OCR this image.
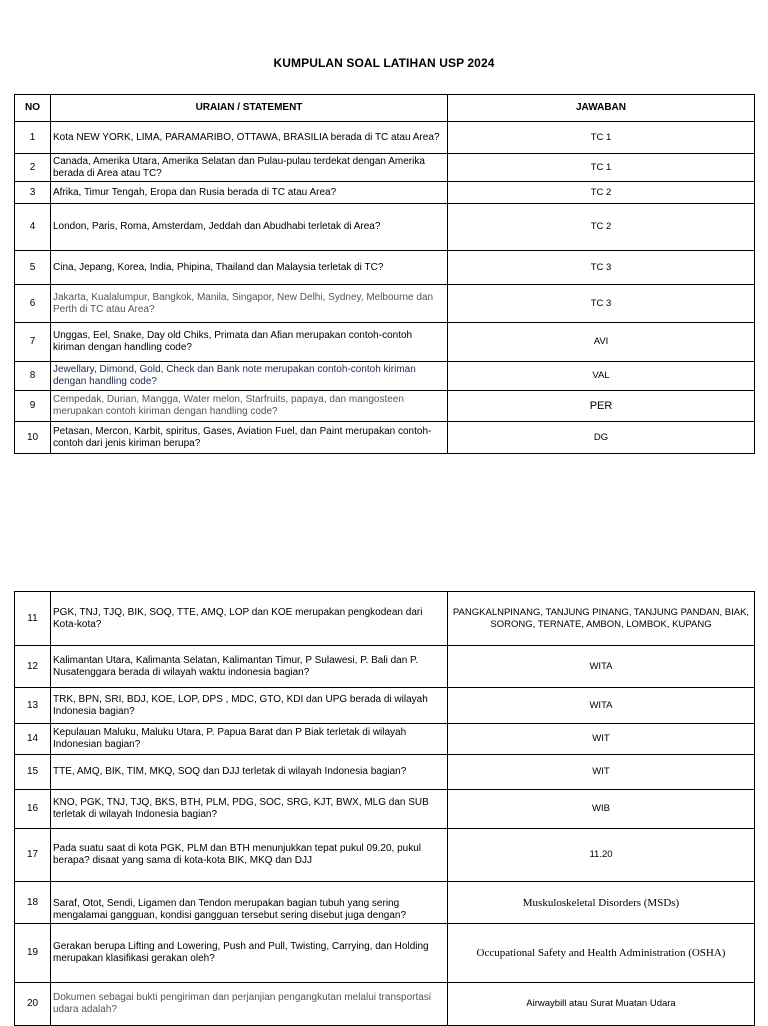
KUMPULAN SOAL LATIHAN USP 2024
NO	URAIAN / STATEMENT	JAWABAN
1	Kota NEW YORK, LIMA, PARAMARIBO, OTTAWA, BRASILIA berada di TC atau Area?	TC 1
2	Canada, Amerika Utara, Amerika Selatan dan Pulau-pulau terdekat dengan Amerika berada di Area atau TC?	TC 1
3	Afrika, Timur Tengah, Eropa dan Rusia berada di TC atau Area?	TC 2
4	London, Paris, Roma, Amsterdam, Jeddah dan Abudhabi terletak di Area?	TC 2
5	Cina, Jepang, Korea, India, Phipina, Thailand dan Malaysia terletak di TC?	TC 3
6	Jakarta, Kualalumpur, Bangkok, Manila, Singapor, New Delhi, Sydney, Melbourne dan Perth di TC atau Area?	TC 3
7	Unggas, Eel, Snake, Day old Chiks, Primata dan Afian merupakan contoh-contoh kiriman dengan handling code?	AVI
8	Jewellary, Dimond, Gold, Check dan Bank note merupakan contoh-contoh kiriman dengan handling code?	VAL
9	Cempedak, Durian, Mangga, Water melon, Starfruits, papaya, dan mangosteen merupakan contoh kiriman dengan handling code?	PER
10	Petasan, Mercon, Karbit, spiritus, Gases, Aviation Fuel, dan Paint merupakan contoh-contoh dari jenis kiriman berupa?	DG
11	PGK, TNJ, TJQ, BIK, SOQ, TTE, AMQ, LOP dan KOE merupakan pengkodean dari Kota-kota?	PANGKALNPINANG, TANJUNG PINANG, TANJUNG PANDAN, BIAK, SORONG, TERNATE, AMBON, LOMBOK, KUPANG
12	Kalimantan Utara, Kalimanta Selatan, Kalimantan Timur, P Sulawesi, P. Bali dan P. Nusatenggara berada di wilayah waktu indonesia bagian?	WITA
13	TRK, BPN, SRI, BDJ, KOE, LOP, DPS , MDC, GTO, KDI dan UPG berada di wilayah Indonesia bagian?	WITA
14	Kepulauan Maluku, Maluku Utara, P. Papua Barat dan P Biak terletak di wilayah Indonesian bagian?	WIT
15	TTE, AMQ, BIK, TIM, MKQ, SOQ dan DJJ terletak di wilayah Indonesia bagian?	WIT
16	KNO, PGK, TNJ, TJQ, BKS, BTH, PLM, PDG, SOC, SRG, KJT, BWX, MLG dan SUB terletak di wilayah Indonesia bagian?	WIB
17	Pada suatu saat di kota PGK, PLM dan BTH menunjukkan tepat pukul 09.20, pukul berapa? disaat yang sama di kota-kota BIK, MKQ dan DJJ	11.20
18	Saraf, Otot, Sendi, Ligamen dan Tendon merupakan bagian tubuh yang sering mengalamai gangguan, kondisi gangguan tersebut sering disebut juga dengan?	Muskuloskeletal Disorders (MSDs)
19	Gerakan berupa Lifting and Lowering, Push and Pull, Twisting, Carrying, dan Holding merupakan klasifikasi gerakan oleh?	Occupational Safety and Health Administration (OSHA)
20	Dokumen sebagai bukti pengiriman dan perjanjian pengangkutan melalui transportasi udara adalah?	Airwaybill atau Surat Muatan Udara
